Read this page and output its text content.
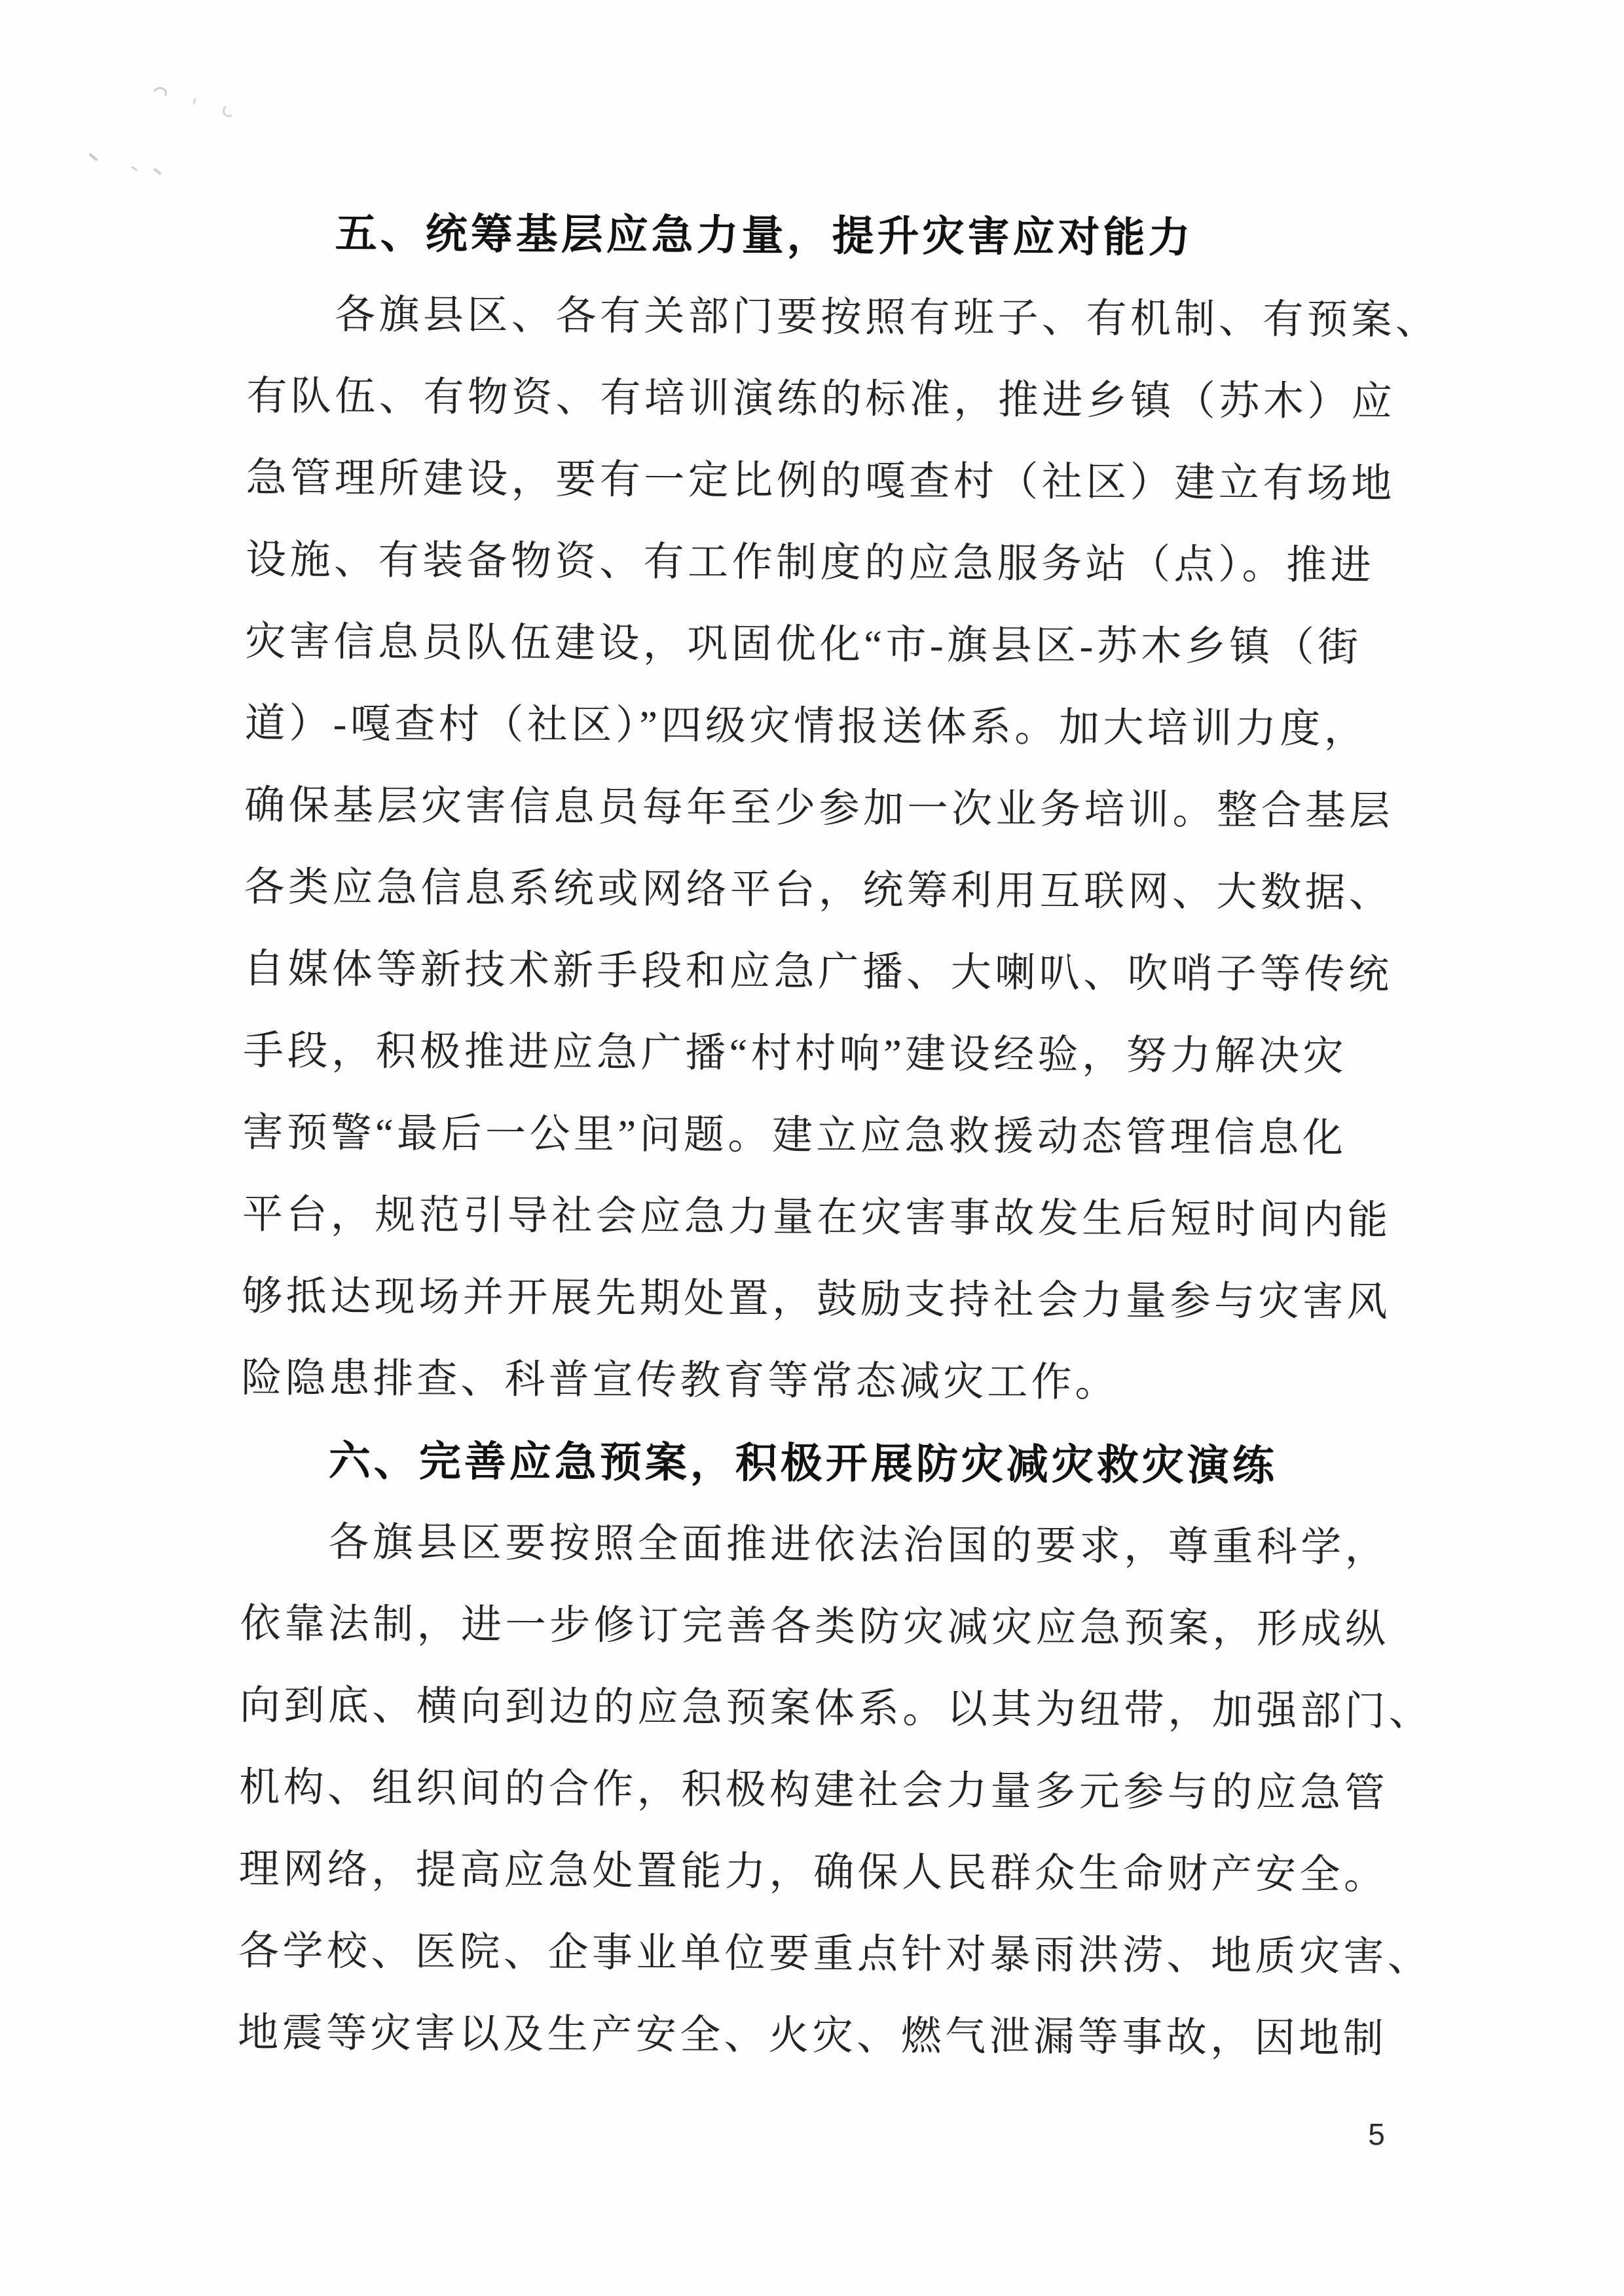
五、统筹基层应急力量，提升灾害应对能力
各旗县区、各有关部门要按照有班子、有机制、有预案、
有队伍、有物资、有培训演练的标准，推进乡镇（苏木）应
急管理所建设，要有一定比例的嘎查村（社区）建立有场地
设施、有装备物资、有工作制度的应急服务站（点）。推进
灾害信息员队伍建设，巩固优化“市-旗县区-苏木乡镇（街
道）-嘎查村（社区）”四级灾情报送体系。加大培训力度，
确保基层灾害信息员每年至少参加一次业务培训。整合基层
各类应急信息系统或网络平台，统筹利用互联网、大数据、
自媒体等新技术新手段和应急广播、大喇叭、吹哨子等传统
手段，积极推进应急广播“村村响”建设经验，努力解决灾
害预警“最后一公里”问题。建立应急救援动态管理信息化
平台，规范引导社会应急力量在灾害事故发生后短时间内能
够抵达现场并开展先期处置，鼓励支持社会力量参与灾害风
险隐患排查、科普宣传教育等常态减灾工作。
六、完善应急预案，积极开展防灾减灾救灾演练
各旗县区要按照全面推进依法治国的要求，尊重科学，
依靠法制，进一步修订完善各类防灾减灾应急预案，形成纵
向到底、横向到边的应急预案体系。以其为纽带，加强部门、
机构、组织间的合作，积极构建社会力量多元参与的应急管
理网络，提高应急处置能力，确保人民群众生命财产安全。
各学校、医院、企事业单位要重点针对暴雨洪涝、地质灾害、
地震等灾害以及生产安全、火灾、燃气泄漏等事故，因地制
5
